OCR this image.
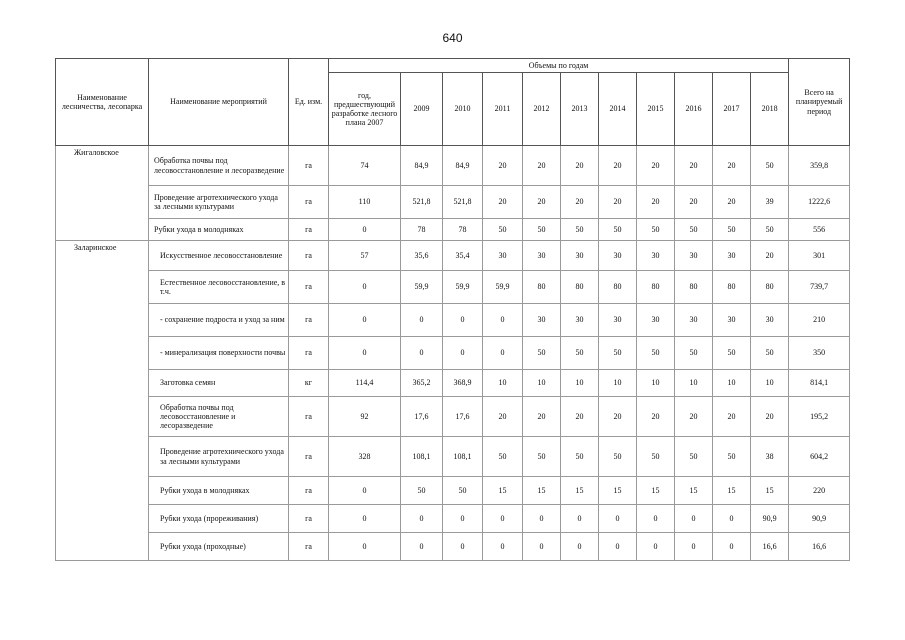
640
Наименование лесничества, лесопарка	Наименование мероприятий	Ед. изм.	Объемы по годам											Всего на планируемый период
			год, предшествующий разработке лесного плана 2007	2009	2010	2011	2012	2013	2014	2015	2016	2017	2018	
Жигаловское	Обработка почвы под лесовосстановление и лесоразведение	га	74	84,9	84,9	20	20	20	20	20	20	20	50	359,8
	Проведение агротехнического ухода за лесными культурами	га	110	521,8	521,8	20	20	20	20	20	20	20	39	1222,6
	Рубки ухода в молодняках	га	0	78	78	50	50	50	50	50	50	50	50	556
Заларинское	Искусственное лесовосстановление	га	57	35,6	35,4	30	30	30	30	30	30	30	20	301
	Естественное лесовосстановление, в т.ч.	га	0	59,9	59,9	59,9	80	80	80	80	80	80	80	739,7
	- сохранение подроста и уход за ним	га	0	0	0	0	30	30	30	30	30	30	30	210
	- минерализация поверхности почвы	га	0	0	0	0	50	50	50	50	50	50	50	350
	Заготовка семян	кг	114,4	365,2	368,9	10	10	10	10	10	10	10	10	814,1
	Обработка почвы под лесовосстановление и лесоразведение	га	92	17,6	17,6	20	20	20	20	20	20	20	20	195,2
	Проведение агротехнического ухода за лесными культурами	га	328	108,1	108,1	50	50	50	50	50	50	50	38	604,2
	Рубки ухода в молодняках	га	0	50	50	15	15	15	15	15	15	15	15	220
	Рубки ухода (прореживания)	га	0	0	0	0	0	0	0	0	0	0	90,9	90,9
	Рубки ухода (проходные)	га	0	0	0	0	0	0	0	0	0	0	16,6	16,6
